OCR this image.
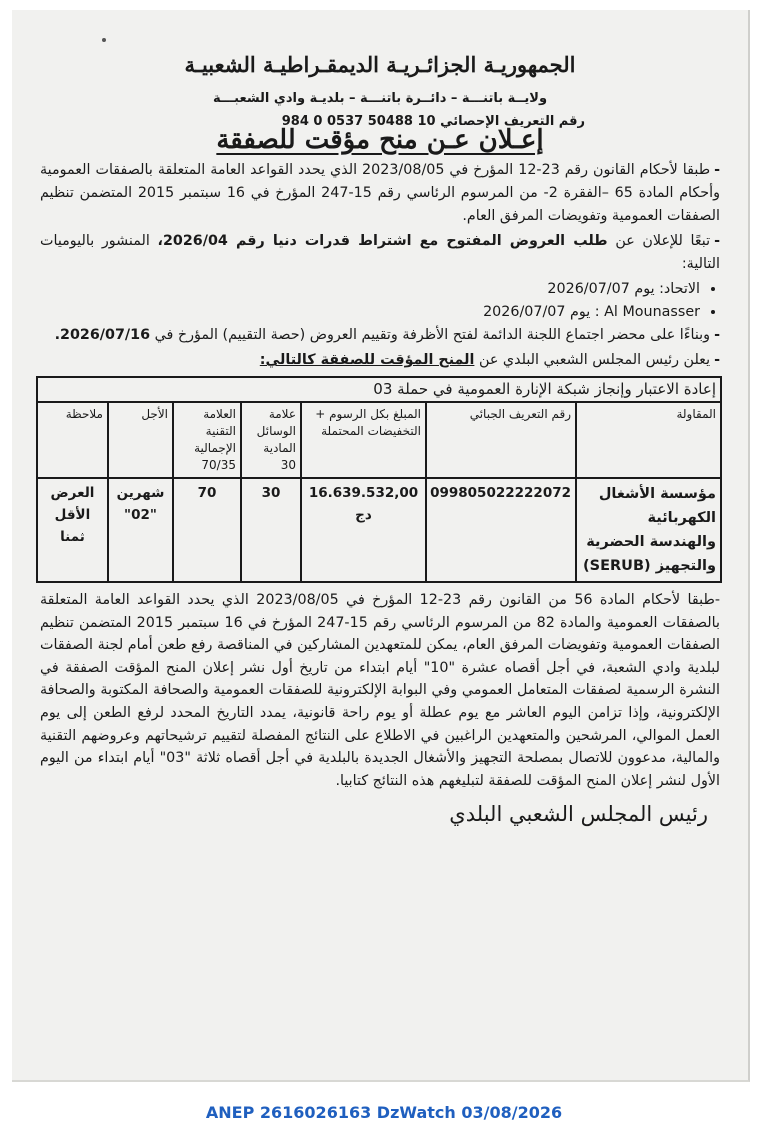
الجمهوريـة الجزائـريـة الديمقـراطيـة الشعبيـة
ولايــة باتنـــة – دائــرة باتنـــة – بلديـة وادي الشعبـــة
رقم التعريف الإحصائي 10 50488 0537 0 984
إعـلان عـن منح مؤقت للصفقة

-طبقا لأحكام القانون رقم 23-12 المؤرخ في 2023/08/05 الذي يحدد القواعد العامة المتعلقة بالصفقات العمومية وأحكام المادة 65 –الفقرة 2- من المرسوم الرئاسي رقم 15-247 المؤرخ في 16 سبتمبر 2015 المتضمن تنظيم الصفقات العمومية وتفويضات المرفق العام.

-تبعًا للإعلان عن طلب العروض المفتوح مع اشتراط قدرات دنيا رقم 2026/04، المنشور باليوميات التالية:

• الاتحاد: يوم 2026/07/07
• Al Mounasser : يوم 2026/07/07

-وبناءًا على محضر اجتماع اللجنة الدائمة لفتح الأظرفة وتقييم العروض (حصة التقييم) المؤرخ في 2026/07/16.

-يعلن رئيس المجلس الشعبي البلدي عن المنح المؤقت للصفقة كالتالي:

إعادة الاعتبار وإنجاز شبكة الإنارة العمومية في حملة 03						
المقاولة	رقم التعريف الجبائي	المبلغ بكل الرسوم + التخفيضات المحتملة	علامة الوسائل المادية 30	العلامة التقنية الإجمالية 70/35	الأجل	ملاحظة
مؤسسة الأشغال الكهربائية والهندسة الحضرية والتجهيز (SERUB)	099805022222072	16.639.532,00 دج	30	70	شهرين "02"	العرض الأقل ثمنا

-طبقا لأحكام المادة 56 من القانون رقم 23-12 المؤرخ في 2023/08/05 الذي يحدد القواعد العامة المتعلقة بالصفقات العمومية والمادة 82 من المرسوم الرئاسي رقم 15-247 المؤرخ في 16 سبتمبر 2015 المتضمن تنظيم الصفقات العمومية وتفويضات المرفق العام، يمكن للمتعهدين المشاركين في المناقصة رفع طعن أمام لجنة الصفقات لبلدية وادي الشعبة، في أجل أقصاه عشرة "10" أيام ابتداء من تاريخ أول نشر إعلان المنح المؤقت الصفقة في النشرة الرسمية لصفقات المتعامل العمومي وفي البوابة الإلكترونية للصفقات العمومية والصحافة المكتوبة والصحافة الإلكترونية، وإذا تزامن اليوم العاشر مع يوم عطلة أو يوم راحة قانونية، يمدد التاريخ المحدد لرفع الطعن إلى يوم العمل الموالي، المرشحين والمتعهدين الراغبين في الاطلاع على النتائج المفصلة لتقييم ترشيحاتهم وعروضهم التقنية والمالية، مدعوون للاتصال بمصلحة التجهيز والأشغال الجديدة بالبلدية في أجل أقصاه ثلاثة "03" أيام ابتداء من اليوم الأول لنشر إعلان المنح المؤقت للصفقة لتبليغهم هذه النتائج كتابيا.

رئيس المجلس الشعبي البلدي
ANEP 2616026163 DzWatch 03/08/2026
